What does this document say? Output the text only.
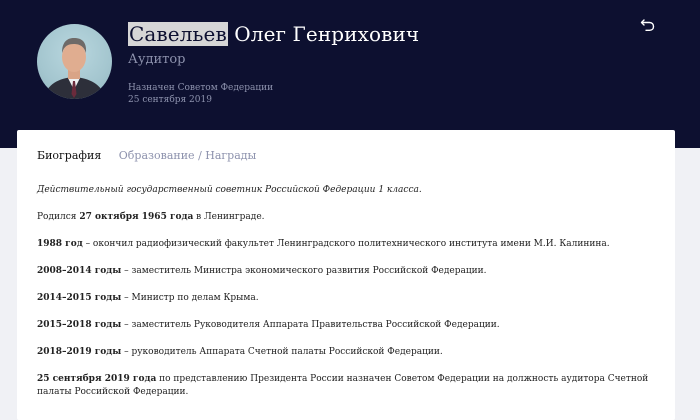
Савельев Олег Генрихович
Аудитор
Назначен Советом Федерации
25 сентября 2019
Биография Образование / Награды

Действительный государственный советник Российской Федерации 1 класса.

Родился 27 октября 1965 года в Ленинграде.

1988 год – окончил радиофизический факультет Ленинградского политехнического института имени М.И. Калинина.

2008–2014 годы – заместитель Министра экономического развития Российской Федерации.

2014–2015 годы – Министр по делам Крыма.

2015–2018 годы – заместитель Руководителя Аппарата Правительства Российской Федерации.

2018–2019 годы – руководитель Аппарата Счетной палаты Российской Федерации.

25 сентября 2019 года по представлению Президента России назначен Советом Федерации на должность аудитора Счетной палаты Российской Федерации.
